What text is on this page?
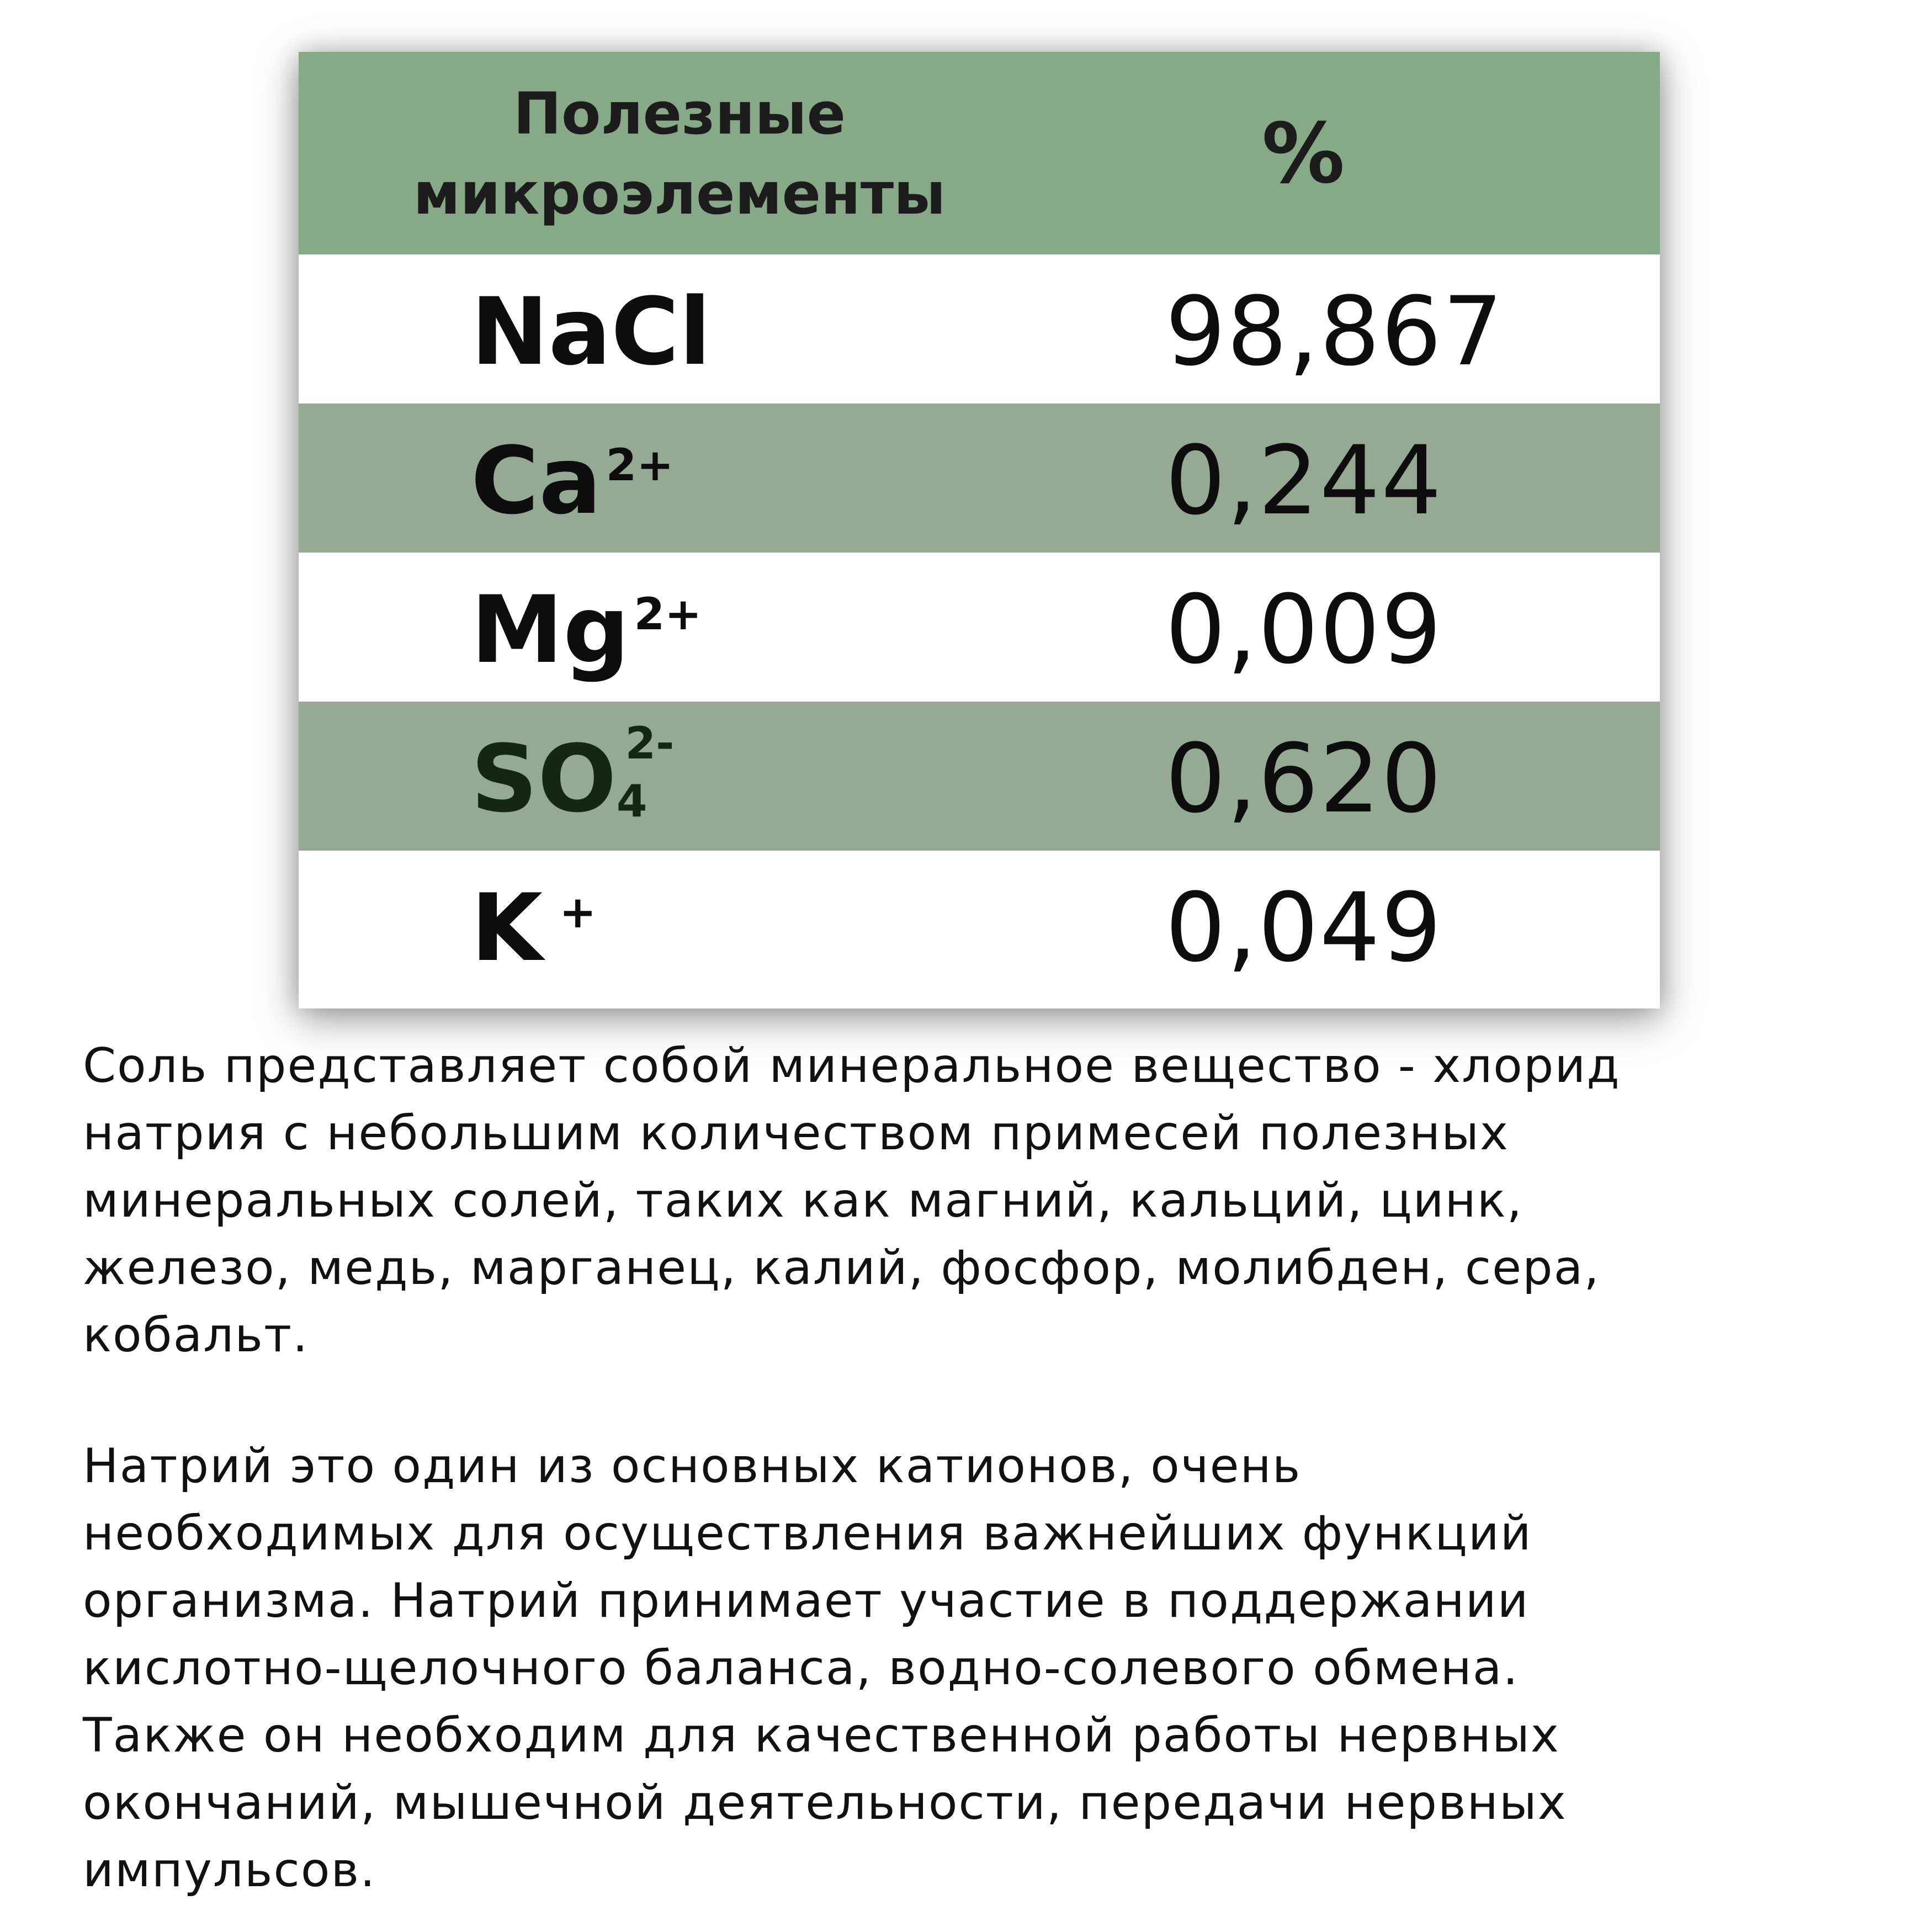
Полезные
микроэлементы	%
NaCl	98,867
Ca 2+	0,244
Mg 2+	0,009
$SO4^{2-}$	0,620
K +	0,049

Соль представляет собой минеральное вещество - хлорид
натрия с небольшим количеством примесей полезных
минеральных солей, таких как магний, кальций, цинк,
железо, медь, марганец, калий, фосфор, молибден, сера,
кобальт.

Натрий это один из основных катионов, очень
необходимых для осуществления важнейших функций
организма. Натрий принимает участие в поддержании
кислотно-щелочного баланса, водно-солевого обмена.
Также он необходим для качественной работы нервных
окончаний, мышечной деятельности, передачи нервных
импульсов.
